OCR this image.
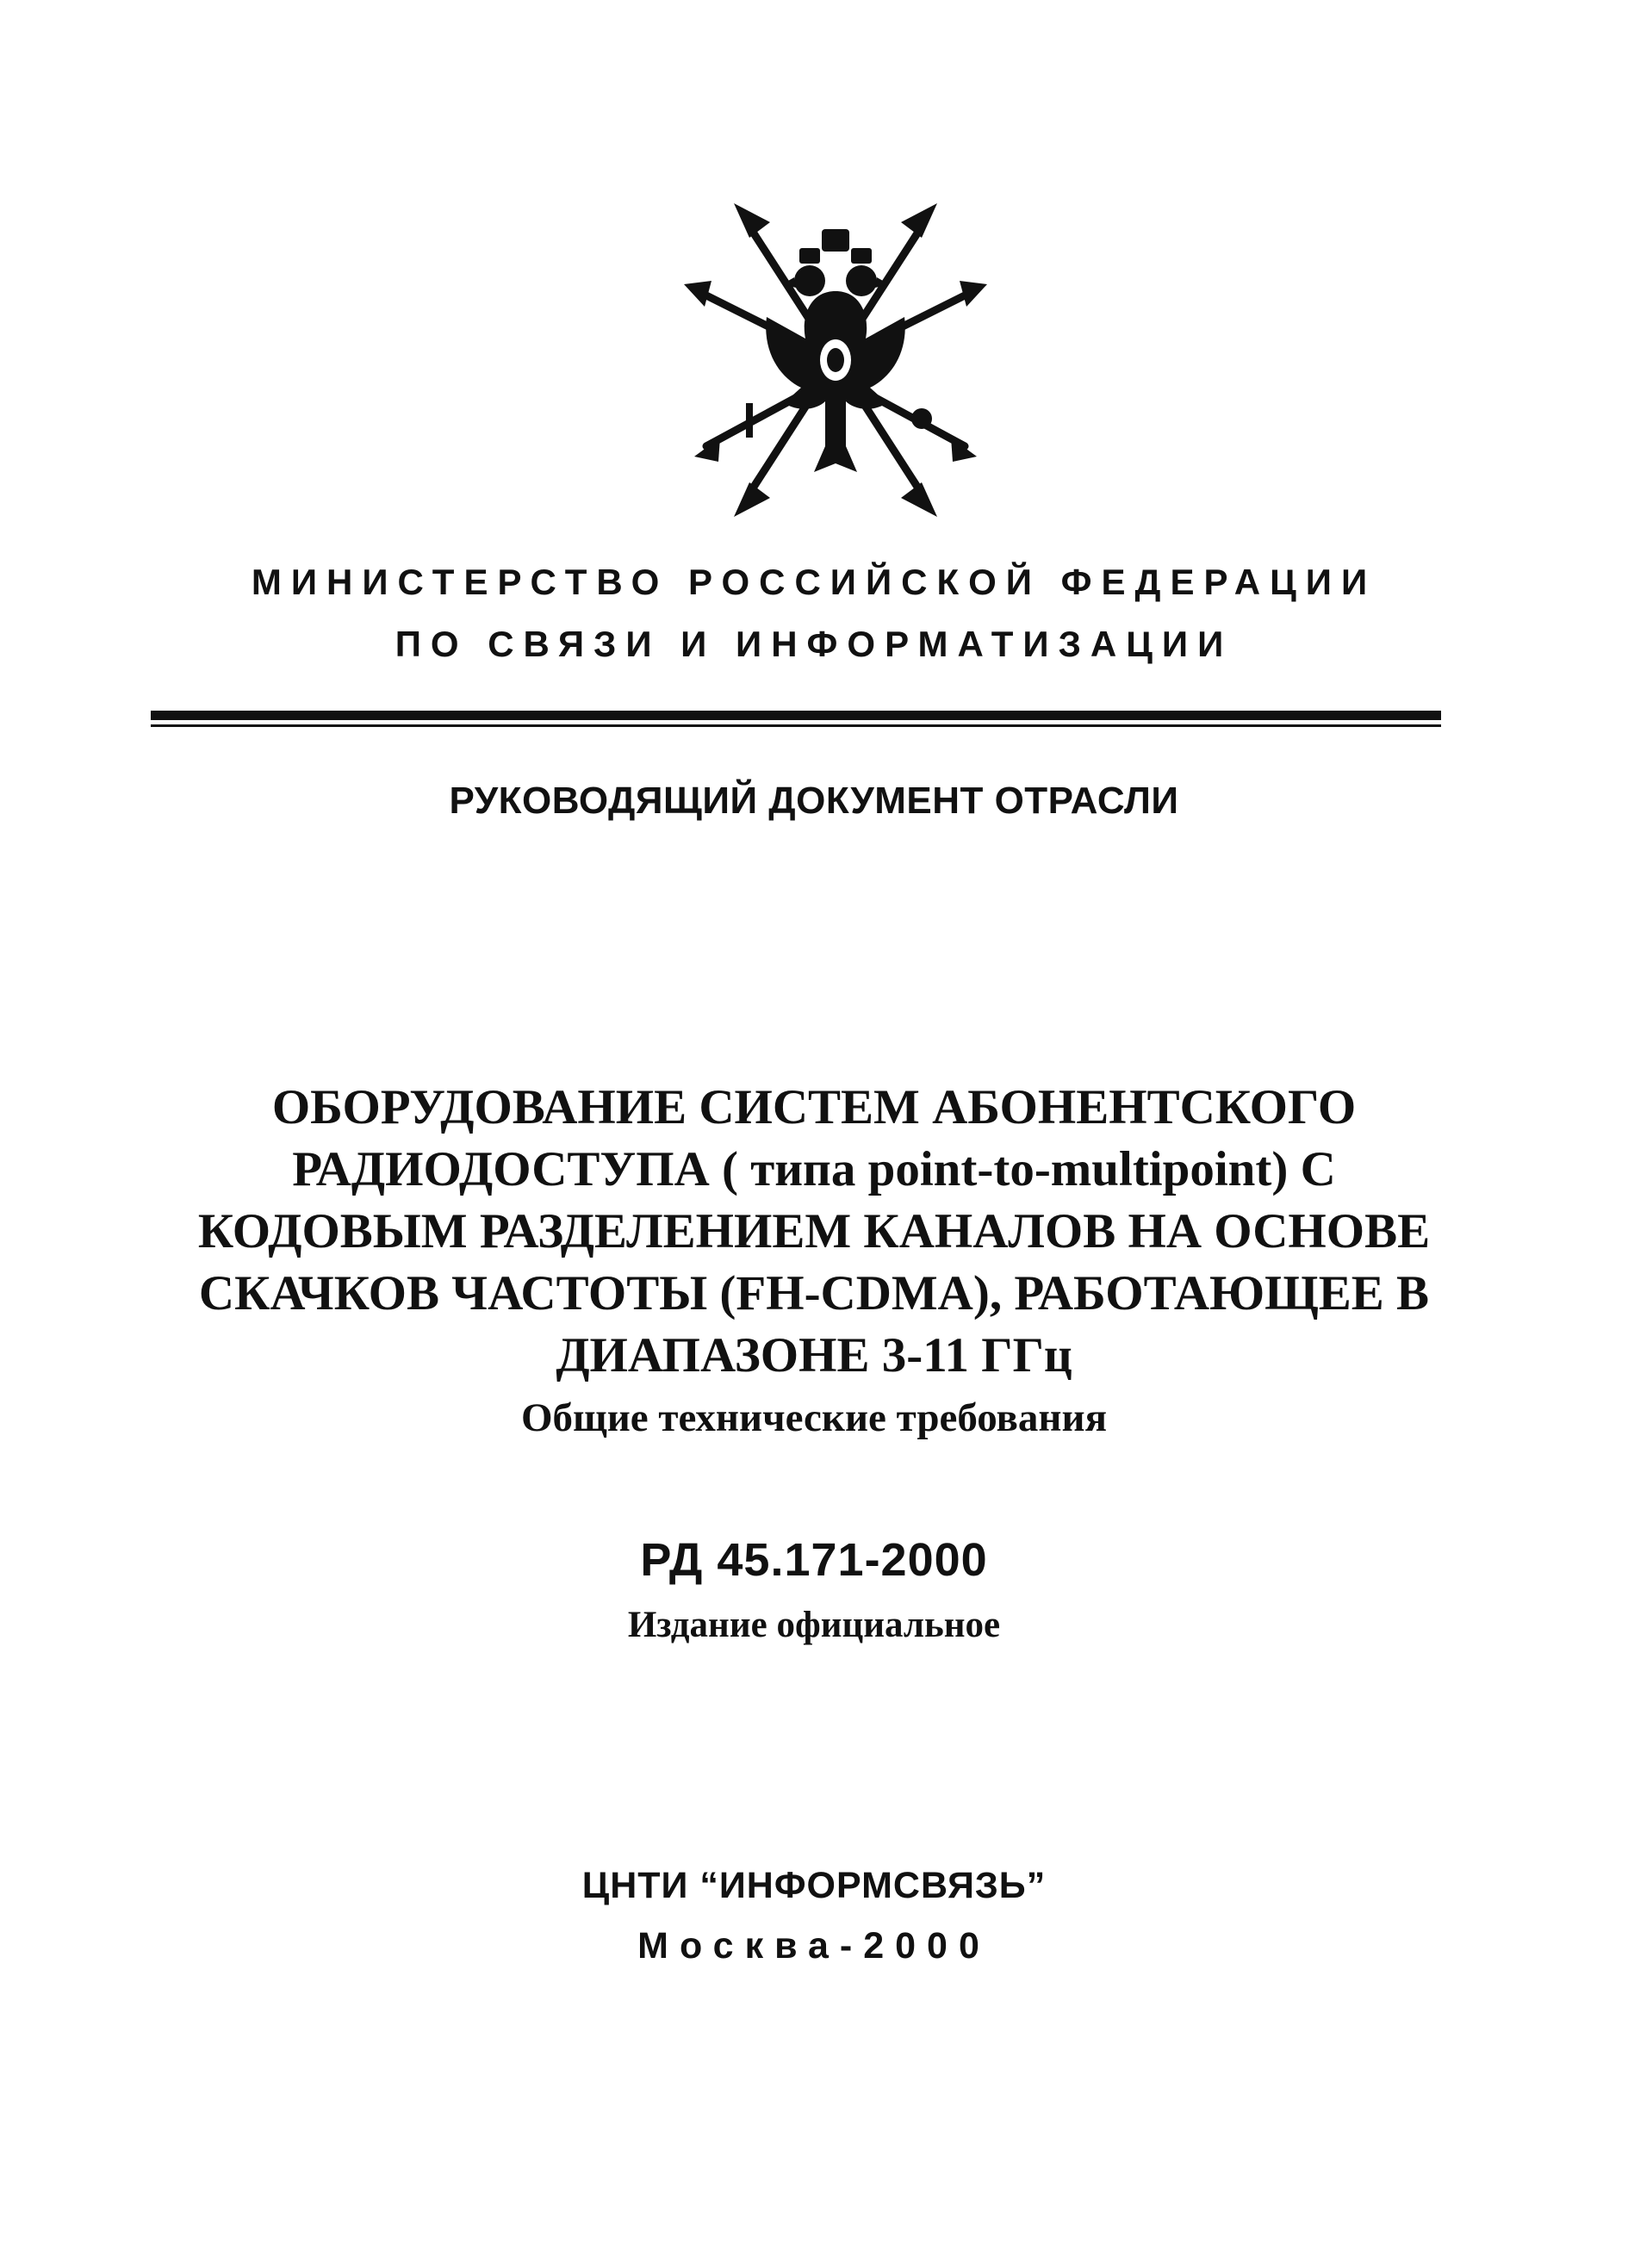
МИНИСТЕРСТВО РОССИЙСКОЙ ФЕДЕРАЦИИ
ПО СВЯЗИ И ИНФОРМАТИЗАЦИИ
РУКОВОДЯЩИЙ ДОКУМЕНТ ОТРАСЛИ
ОБОРУДОВАНИЕ СИСТЕМ АБОНЕНТСКОГО
РАДИОДОСТУПА ( типа point-to-multipoint) С
КОДОВЫМ РАЗДЕЛЕНИЕМ КАНАЛОВ НА ОСНОВЕ
СКАЧКОВ ЧАСТОТЫ (FH-CDMA), РАБОТАЮЩЕЕ В
ДИАПАЗОНЕ 3-11 ГГц
Общие технические требования
РД 45.171-2000
Издание официальное
ЦНТИ “ИНФОРМСВЯЗЬ”
Москва-2000
